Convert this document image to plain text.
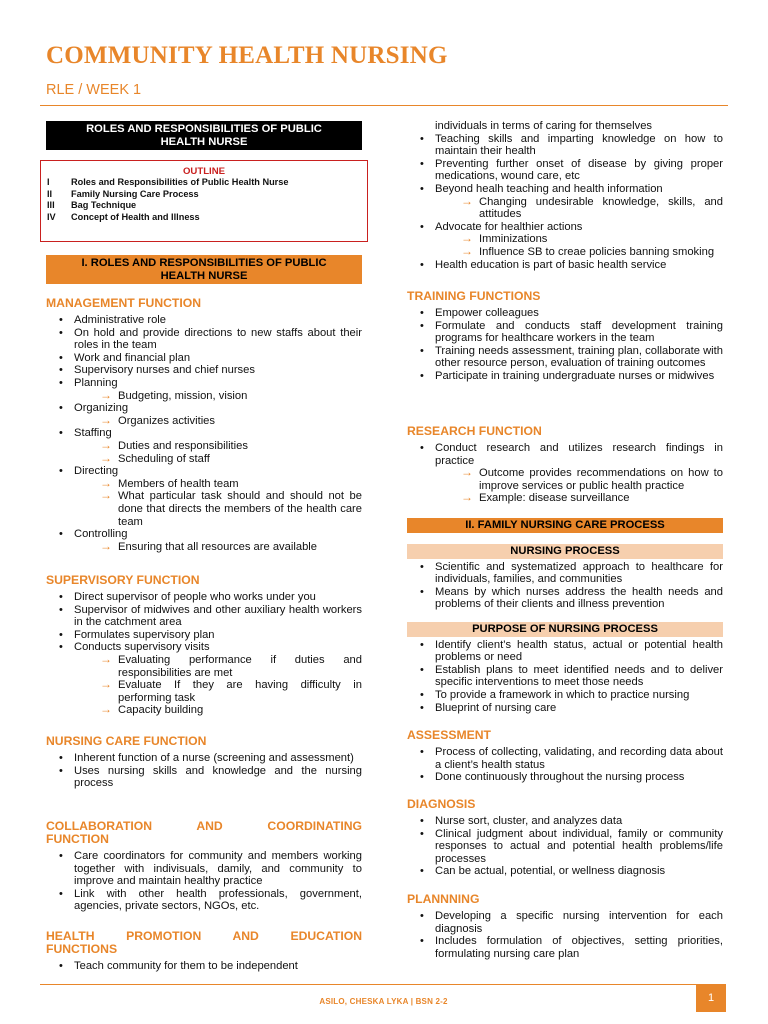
COMMUNITY HEALTH NURSING
RLE / WEEK 1
ROLES AND RESPONSIBILITIES OF PUBLIC
HEALTH NURSE
OUTLINE
I	Roles and Responsibilities of Public Health Nurse
II	Family Nursing Care Process
III	Bag Technique
IV	Concept of Health and Illness
I. ROLES AND RESPONSIBILITIES OF PUBLIC
HEALTH NURSE
MANAGEMENT FUNCTION
• Administrative role
• On hold and provide directions to new staffs about their roles in the team
• Work and financial plan
• Supervisory nurses and chief nurses
• Planning
→ Budgeting, mission, vision
• Organizing
→ Organizes activities
• Staffing
→ Duties and responsibilities
→ Scheduling of staff
• Directing
→ Members of health team
→ What particular task should and should not be done that directs the members of the health care team
• Controlling
→ Ensuring that all resources are available
SUPERVISORY FUNCTION
• Direct supervisor of people who works under you
• Supervisor of midwives and other auxiliary health workers in the catchment area
• Formulates supervisory plan
• Conducts supervisory visits
→ Evaluating performance if duties and responsibilities are met
→ Evaluate If they are having difficulty in performing task
→ Capacity building
NURSING CARE FUNCTION
• Inherent function of a nurse (screening and assessment)
• Uses nursing skills and knowledge and the nursing process
COLLABORATION AND COORDINATING
FUNCTION
• Care coordinators for community and members working together with indivisuals, damily, and community to improve and maintain healthy practice
• Link with other health professionals, government, agencies, private sectors, NGOs, etc.
HEALTH PROMOTION AND EDUCATION
FUNCTIONS
• Teach community for them to be independent
individuals in terms of caring for themselves
• Teaching skills and imparting knowledge on how to maintain their health
• Preventing further onset of disease by giving proper medications, wound care, etc
• Beyond healh teaching and health information
→ Changing undesirable knowledge, skills, and attitudes
• Advocate for healthier actions
→ Imminizations
→ Influence SB to creae policies banning smoking
• Health education is part of basic health service
TRAINING FUNCTIONS
• Empower colleagues
• Formulate and conducts staff development training programs for healthcare workers in the team
• Training needs assessment, training plan, collaborate with other resource person, evaluation of training outcomes
• Participate in training undergraduate nurses or midwives
RESEARCH FUNCTION
• Conduct research and utilizes research findings in practice
→ Outcome provides recommendations on how to improve services or public health practice
→ Example: disease surveillance
II. FAMILY NURSING CARE PROCESS
NURSING PROCESS
• Scientific and systematized approach to healthcare for individuals, families, and communities
• Means by which nurses address the health needs and problems of their clients and illness prevention
PURPOSE OF NURSING PROCESS
• Identify client’s health status, actual or potential health problems or need
• Establish plans to meet identified needs and to deliver specific interventions to meet those needs
• To provide a framework in which to practice nursing
• Blueprint of nursing care
ASSESSMENT
• Process of collecting, validating, and recording data about a client’s health status
• Done continuously throughout the nursing process
DIAGNOSIS
• Nurse sort, cluster, and analyzes data
• Clinical judgment about individual, family or community responses to actual and potential health problems/life processes
• Can be actual, potential, or wellness diagnosis
PLANNNING
• Developing a specific nursing intervention for each diagnosis
• Includes formulation of objectives, setting priorities, formulating nursing care plan
ASILO, CHESKA LYKA | BSN 2-2	1
